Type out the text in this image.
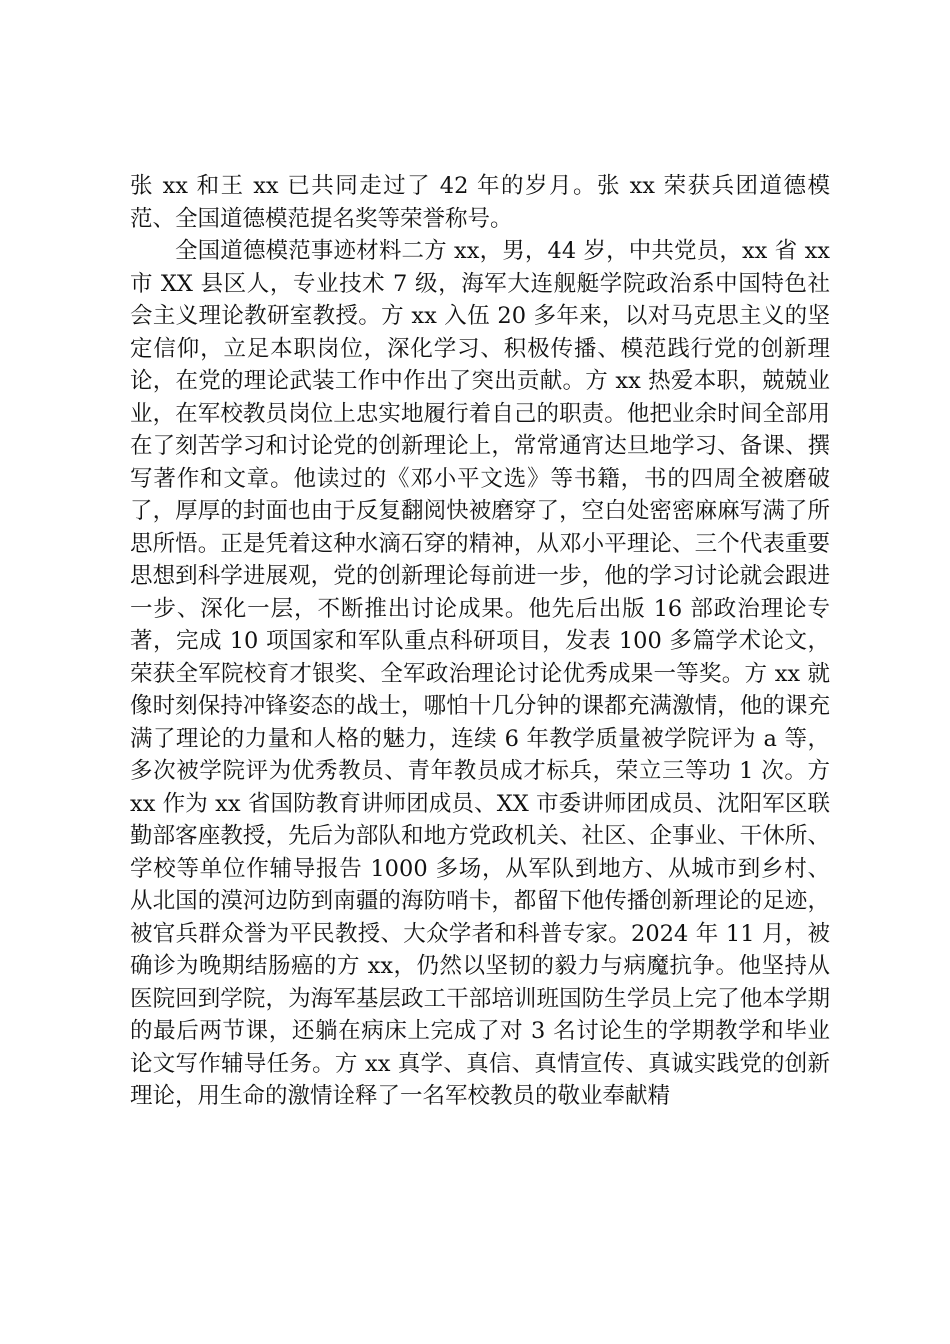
张 xx 和王 xx 已共同走过了 42 年的岁月。张 xx 荣获兵团道德模范、全国道德模范提名奖等荣誉称号。

全国道德模范事迹材料二方 xx，男，44 岁，中共党员，xx 省 xx 市 XX 县区人，专业技术 7 级，海军大连舰艇学院政治系中国特色社会主义理论教研室教授。方 xx 入伍 20 多年来，以对马克思主义的坚定信仰，立足本职岗位，深化学习、积极传播、模范践行党的创新理论，在党的理论武装工作中作出了突出贡献。方 xx 热爱本职，兢兢业业，在军校教员岗位上忠实地履行着自己的职责。他把业余时间全部用在了刻苦学习和讨论党的创新理论上，常常通宵达旦地学习、备课、撰写著作和文章。他读过的《邓小平文选》等书籍，书的四周全被磨破了，厚厚的封面也由于反复翻阅快被磨穿了，空白处密密麻麻写满了所思所悟。正是凭着这种水滴石穿的精神，从邓小平理论、三个代表重要思想到科学进展观，党的创新理论每前进一步，他的学习讨论就会跟进一步、深化一层，不断推出讨论成果。他先后出版 16 部政治理论专著，完成 10 项国家和军队重点科研项目，发表 100 多篇学术论文，荣获全军院校育才银奖、全军政治理论讨论优秀成果一等奖。方 xx 就像时刻保持冲锋姿态的战士，哪怕十几分钟的课都充满激情，他的课充满了理论的力量和人格的魅力，连续 6 年教学质量被学院评为 a 等，多次被学院评为优秀教员、青年教员成才标兵，荣立三等功 1 次。方 xx 作为 xx 省国防教育讲师团成员、XX 市委讲师团成员、沈阳军区联勤部客座教授，先后为部队和地方党政机关、社区、企事业、干休所、学校等单位作辅导报告 1000 多场，从军队到地方、从城市到乡村、从北国的漠河边防到南疆的海防哨卡，都留下他传播创新理论的足迹，被官兵群众誉为平民教授、大众学者和科普专家。2024 年 11 月，被确诊为晚期结肠癌的方 xx，仍然以坚韧的毅力与病魔抗争。他坚持从医院回到学院，为海军基层政工干部培训班国防生学员上完了他本学期的最后两节课，还躺在病床上完成了对 3 名讨论生的学期教学和毕业论文写作辅导任务。方 xx 真学、真信、真情宣传、真诚实践党的创新理论，用生命的激情诠释了一名军校教员的敬业奉献精
